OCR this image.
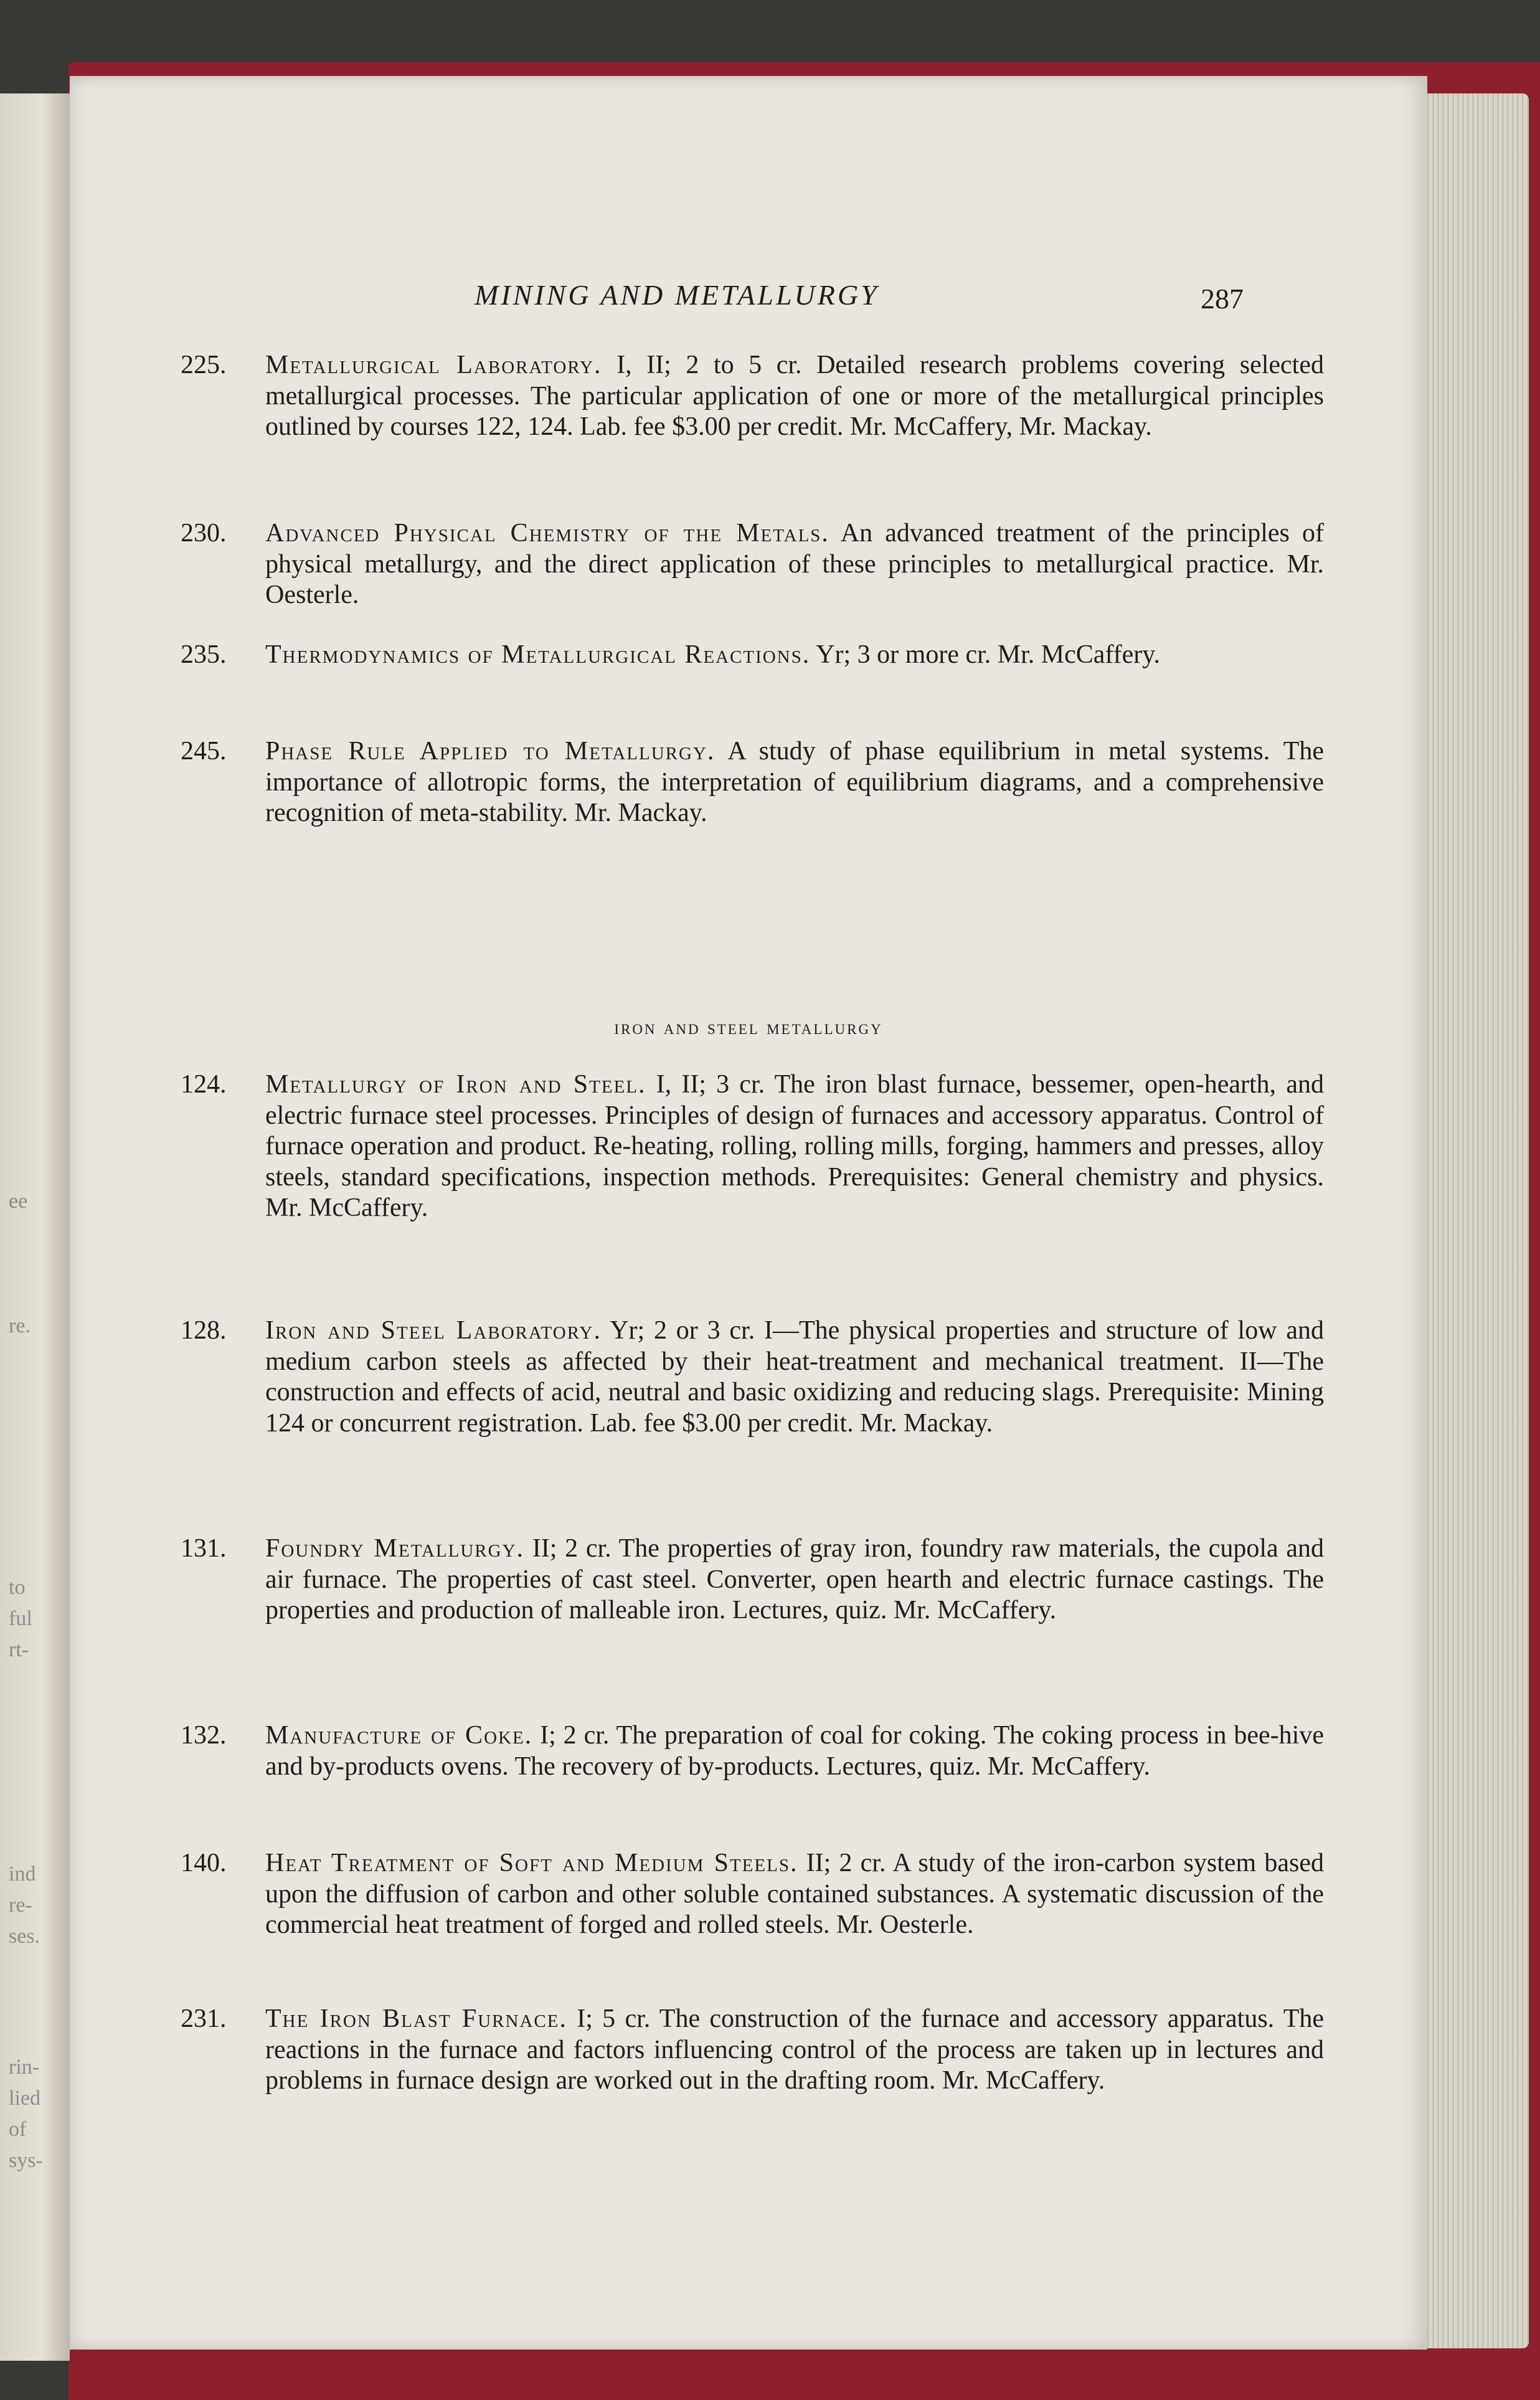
ee
re.
to
ful
rt-
ind
re-
ses.
rin-
lied
of
sys-
MINING AND METALLURGY	287
225. Metallurgical Laboratory. I, II; 2 to 5 cr. Detailed research problems covering selected metallurgical processes. The particular application of one or more of the metallurgical principles outlined by courses 122, 124. Lab. fee $3.00 per credit. Mr. McCaffery, Mr. Mackay.
230. Advanced Physical Chemistry of the Metals. An advanced treatment of the principles of physical metallurgy, and the direct application of these principles to metallurgical practice. Mr. Oesterle.
235. Thermodynamics of Metallurgical Reactions. Yr; 3 or more cr. Mr. McCaffery.
245. Phase Rule Applied to Metallurgy. A study of phase equilibrium in metal systems. The importance of allotropic forms, the interpretation of equilibrium diagrams, and a comprehensive recognition of meta-stability. Mr. Mackay.
iron and steel metallurgy
124. Metallurgy of Iron and Steel. I, II; 3 cr. The iron blast furnace, bessemer, open-hearth, and electric furnace steel processes. Principles of design of furnaces and accessory apparatus. Control of furnace operation and product. Re-heating, rolling, rolling mills, forging, hammers and presses, alloy steels, standard specifications, inspection methods. Prerequisites: General chemistry and physics. Mr. McCaffery.
128. Iron and Steel Laboratory. Yr; 2 or 3 cr. I—The physical properties and structure of low and medium carbon steels as affected by their heat-treatment and mechanical treatment. II—The construction and effects of acid, neutral and basic oxidizing and reducing slags. Prerequisite: Mining 124 or concurrent registration. Lab. fee $3.00 per credit. Mr. Mackay.
131. Foundry Metallurgy. II; 2 cr. The properties of gray iron, foundry raw materials, the cupola and air furnace. The properties of cast steel. Converter, open hearth and electric furnace castings. The properties and production of malleable iron. Lectures, quiz. Mr. McCaffery.
132. Manufacture of Coke. I; 2 cr. The preparation of coal for coking. The coking process in bee-hive and by-products ovens. The recovery of by-products. Lectures, quiz. Mr. McCaffery.
140. Heat Treatment of Soft and Medium Steels. II; 2 cr. A study of the iron-carbon system based upon the diffusion of carbon and other soluble contained substances. A systematic discussion of the commercial heat treatment of forged and rolled steels. Mr. Oesterle.
231. The Iron Blast Furnace. I; 5 cr. The construction of the furnace and accessory apparatus. The reactions in the furnace and factors influencing control of the process are taken up in lectures and problems in furnace design are worked out in the drafting room. Mr. McCaffery.
